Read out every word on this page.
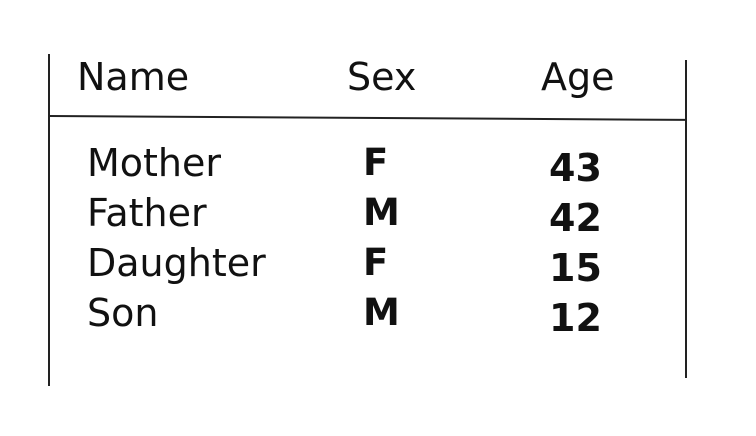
Name	Sex	Age
Mother	F	43
Father	M	42
Daughter	F	15
Son	M	12
